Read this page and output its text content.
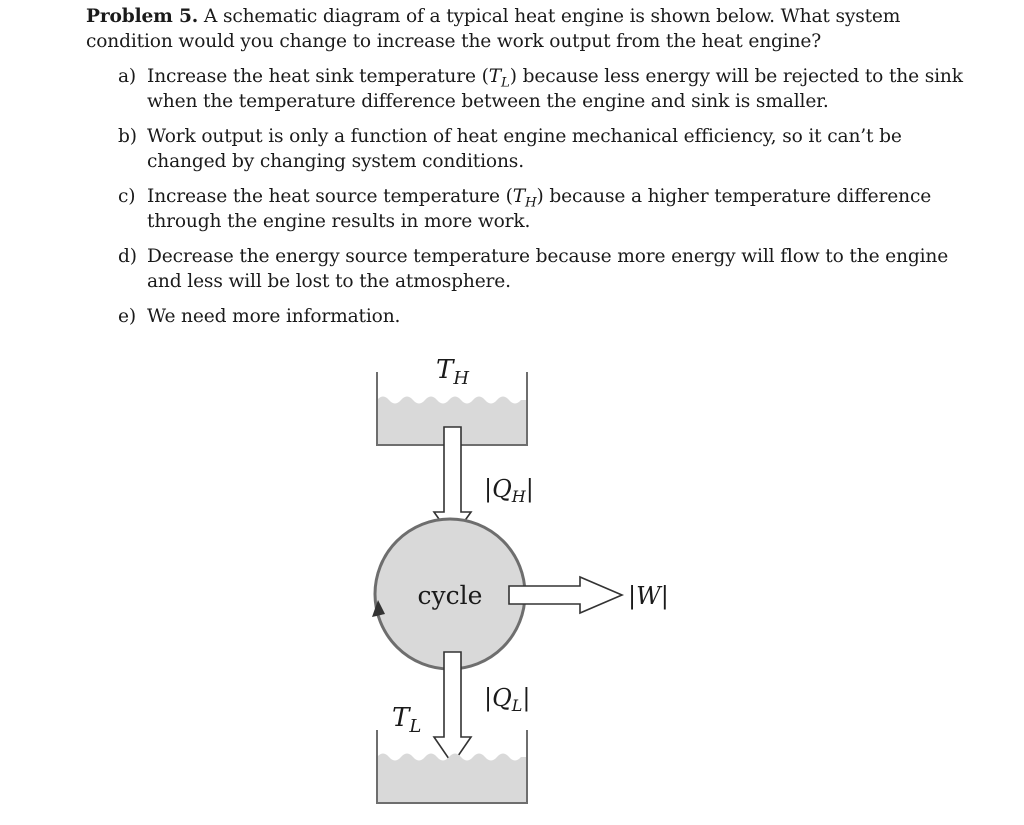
Problem 5. A schematic diagram of a typical heat engine is shown below. What system condition would you change to increase the work output from the heat engine?
a) Increase the heat sink temperature $(T_L)$ because less energy will be rejected to the sink when the temperature difference between the engine and sink is smaller.
b) Work output is only a function of heat engine mechanical efficiency, so it can’t be changed by changing system conditions.
c) Increase the heat source temperature $(T_H)$ because a higher temperature difference through the engine results in more work.
d) Decrease the energy source temperature because more energy will flow to the engine and less will be lost to the atmosphere.
e) We need more information.
$T_H$
$|Q_H|$
cycle	|W|
$|Q_L|$
$T_L$
